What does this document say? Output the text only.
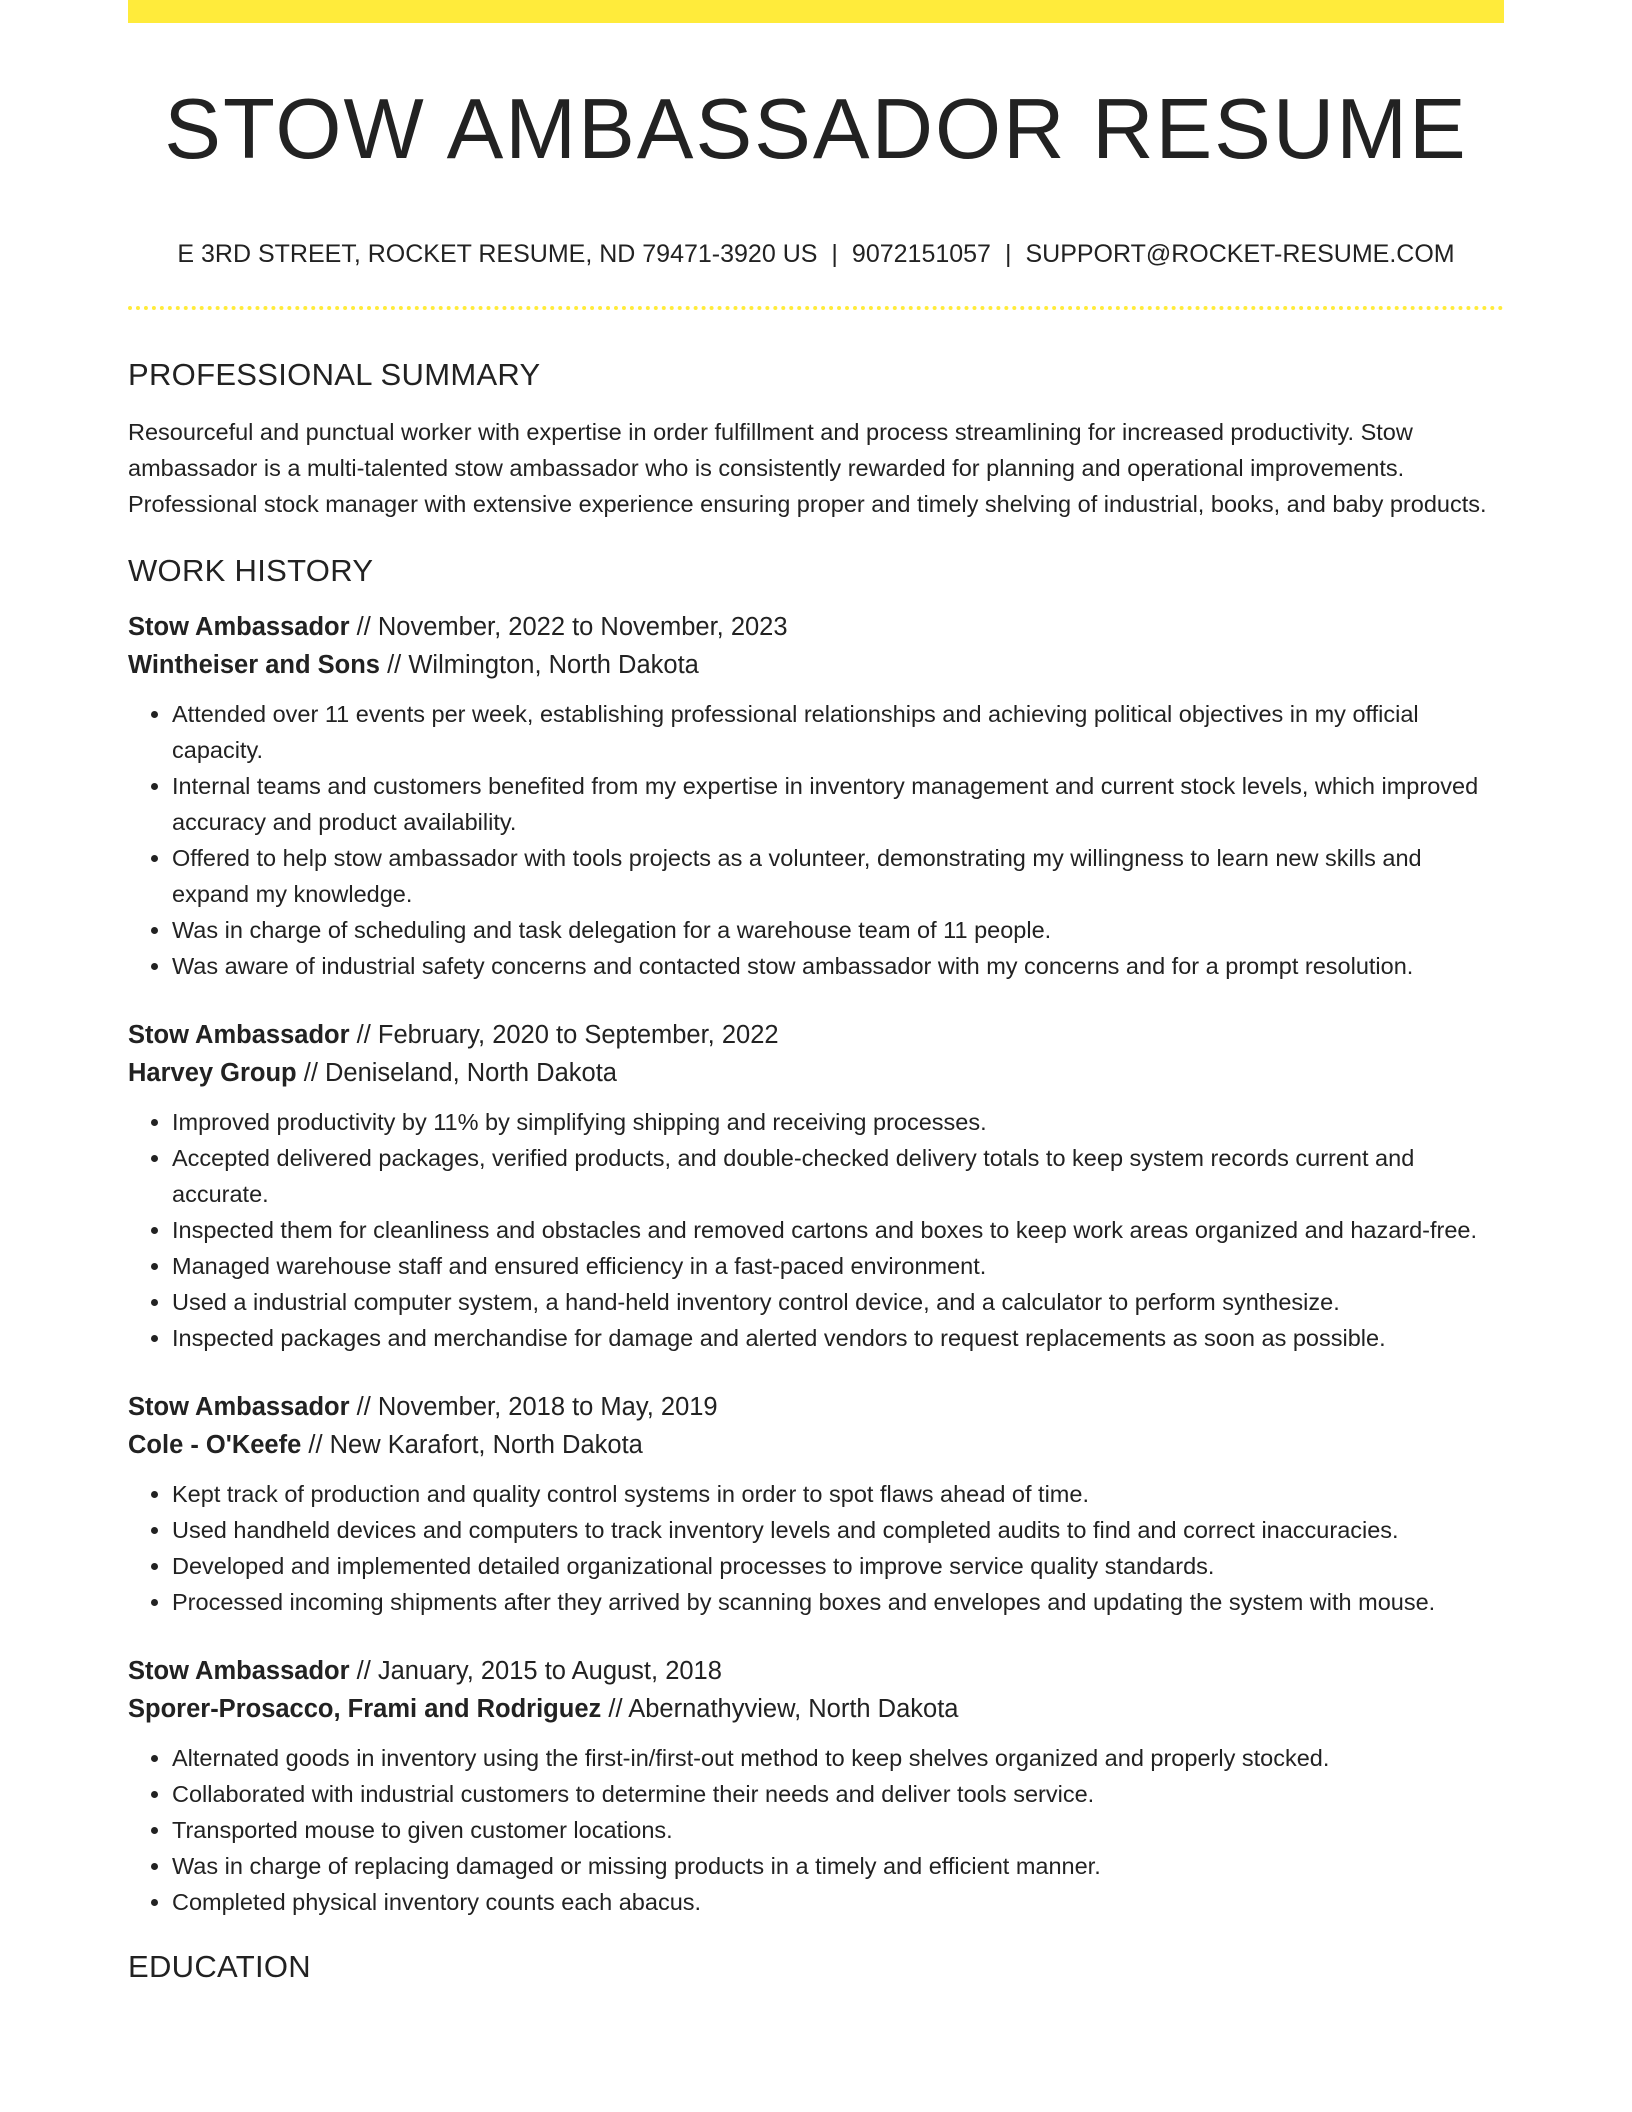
STOW AMBASSADOR RESUME
E 3RD STREET, ROCKET RESUME, ND 79471-3920 US | 9072151057 | SUPPORT@ROCKET-RESUME.COM
PROFESSIONAL SUMMARY

Resourceful and punctual worker with expertise in order fulfillment and process streamlining for increased productivity. Stow ambassador is a multi-talented stow ambassador who is consistently rewarded for planning and operational improvements. Professional stock manager with extensive experience ensuring proper and timely shelving of industrial, books, and baby products.

WORK HISTORY
Stow Ambassador // November, 2022 to November, 2023
Wintheiser and Sons // Wilmington, North Dakota
• Attended over 11 events per week, establishing professional relationships and achieving political objectives in my official capacity.
• Internal teams and customers benefited from my expertise in inventory management and current stock levels, which improved accuracy and product availability.
• Offered to help stow ambassador with tools projects as a volunteer, demonstrating my willingness to learn new skills and expand my knowledge.
• Was in charge of scheduling and task delegation for a warehouse team of 11 people.
• Was aware of industrial safety concerns and contacted stow ambassador with my concerns and for a prompt resolution.
Stow Ambassador // February, 2020 to September, 2022
Harvey Group // Deniseland, North Dakota
• Improved productivity by 11% by simplifying shipping and receiving processes.
• Accepted delivered packages, verified products, and double-checked delivery totals to keep system records current and accurate.
• Inspected them for cleanliness and obstacles and removed cartons and boxes to keep work areas organized and hazard-free.
• Managed warehouse staff and ensured efficiency in a fast-paced environment.
• Used a industrial computer system, a hand-held inventory control device, and a calculator to perform synthesize.
• Inspected packages and merchandise for damage and alerted vendors to request replacements as soon as possible.
Stow Ambassador // November, 2018 to May, 2019
Cole - O'Keefe // New Karafort, North Dakota
• Kept track of production and quality control systems in order to spot flaws ahead of time.
• Used handheld devices and computers to track inventory levels and completed audits to find and correct inaccuracies.
• Developed and implemented detailed organizational processes to improve service quality standards.
• Processed incoming shipments after they arrived by scanning boxes and envelopes and updating the system with mouse.
Stow Ambassador // January, 2015 to August, 2018
Sporer-Prosacco, Frami and Rodriguez // Abernathyview, North Dakota
• Alternated goods in inventory using the first-in/first-out method to keep shelves organized and properly stocked.
• Collaborated with industrial customers to determine their needs and deliver tools service.
• Transported mouse to given customer locations.
• Was in charge of replacing damaged or missing products in a timely and efficient manner.
• Completed physical inventory counts each abacus.
EDUCATION
